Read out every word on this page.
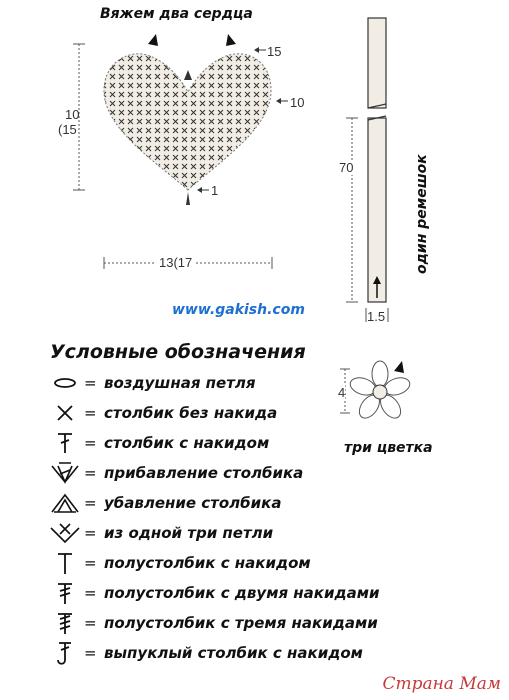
Вяжем два сердца
15
10
1
10
(15
13(17
70
1.5
один ремешок
www.gakish.com
4
три цветка
Условные обозначения
= воздушная петля
= столбик без накида
= столбик с накидом
= прибавление столбика
= убавление столбика
= из одной три петли
= полустолбик с накидом
= полустолбик с двумя накидами
= полустолбик с тремя накидами
= выпуклый столбик с накидом
Страна Мам
